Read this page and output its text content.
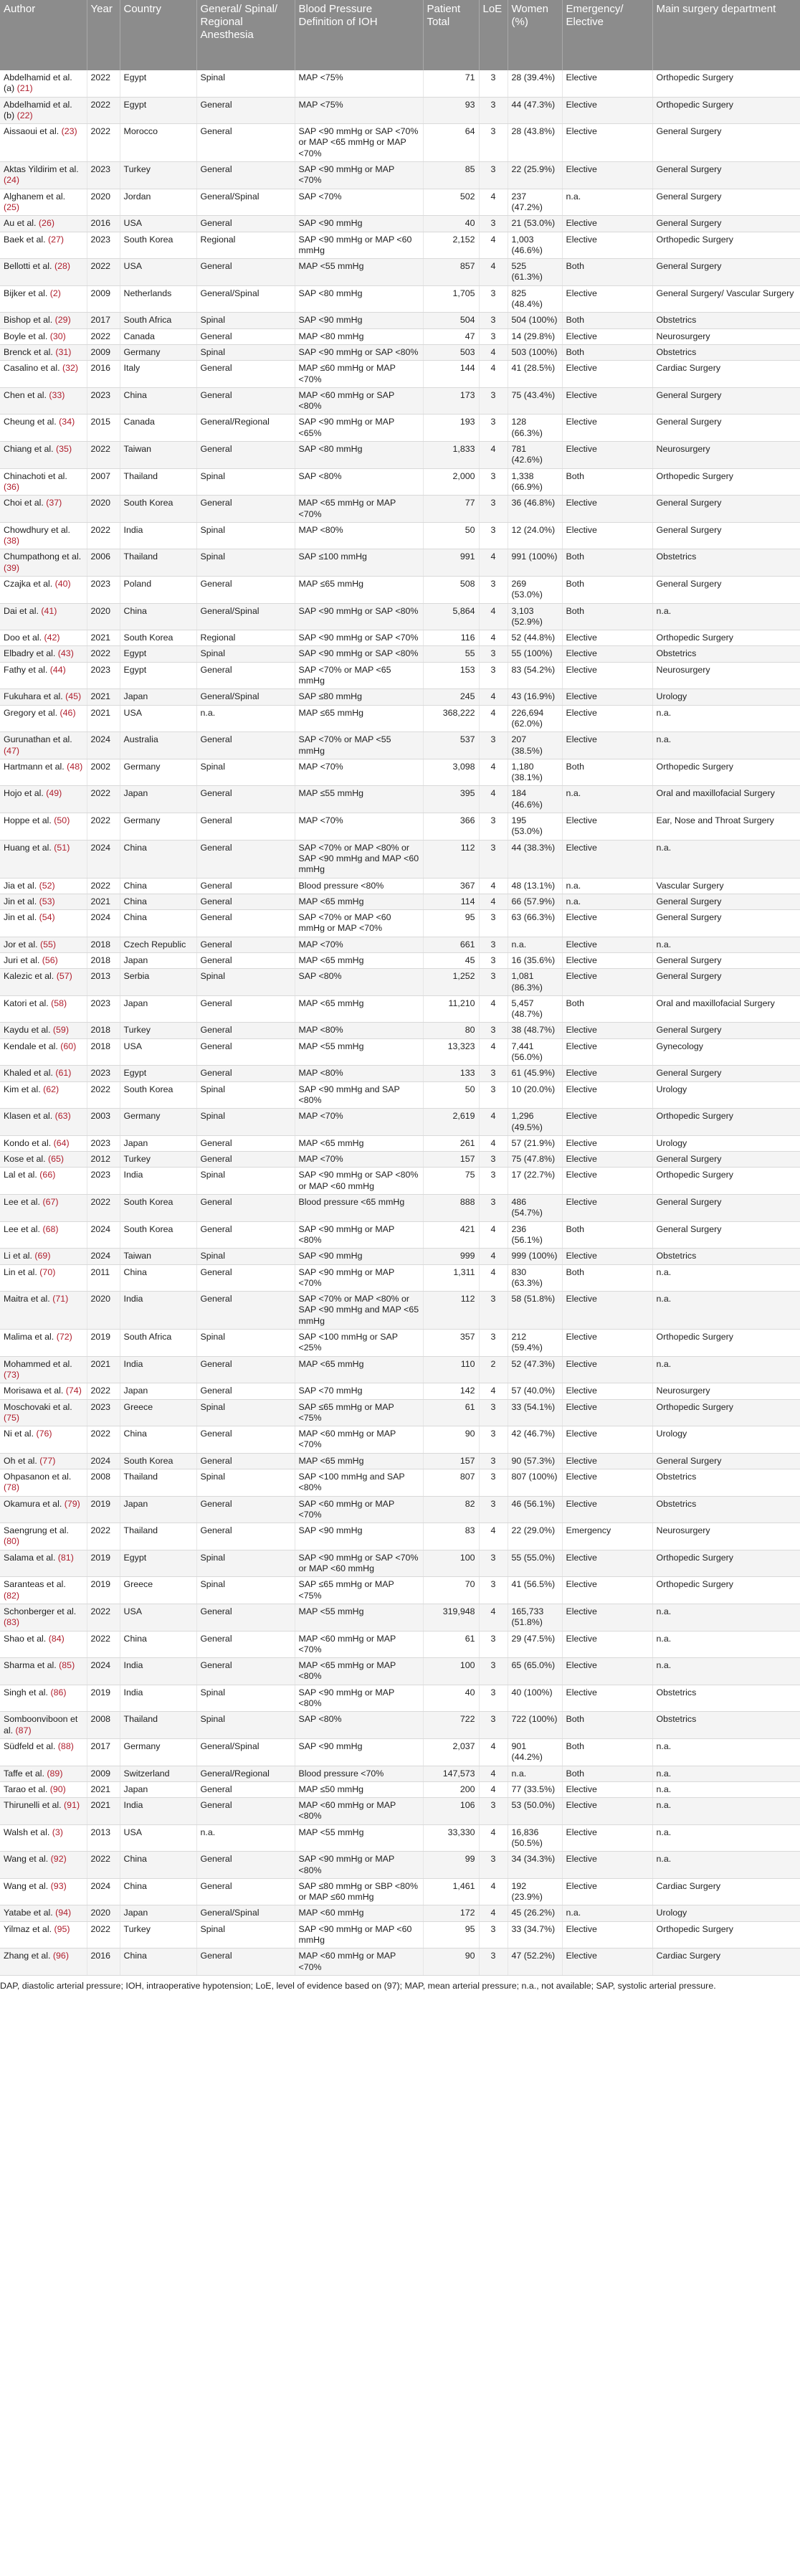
Author	Year	Country	General/ Spinal/ Regional Anesthesia	Blood Pressure Definition of IOH	Patient Total	LoE	Women (%)	Emergency/ Elective	Main surgery department
Abdelhamid et al. (a) (21)	2022	Egypt	Spinal	MAP <75%	71	3	28 (39.4%)	Elective	Orthopedic Surgery
Abdelhamid et al. (b) (22)	2022	Egypt	General	MAP <75%	93	3	44 (47.3%)	Elective	Orthopedic Surgery
Aissaoui et al. (23)	2022	Morocco	General	SAP <90 mmHg or SAP <70% or MAP <65 mmHg or MAP <70%	64	3	28 (43.8%)	Elective	General Surgery
Aktas Yildirim et al. (24)	2023	Turkey	General	SAP <90 mmHg or MAP <70%	85	3	22 (25.9%)	Elective	General Surgery
Alghanem et al. (25)	2020	Jordan	General/Spinal	SAP <70%	502	4	237 (47.2%)	n.a.	General Surgery
Au et al. (26)	2016	USA	General	SAP <90 mmHg	40	3	21 (53.0%)	Elective	General Surgery
Baek et al. (27)	2023	South Korea	Regional	SAP <90 mmHg or MAP <60 mmHg	2,152	4	1,003 (46.6%)	Elective	Orthopedic Surgery
Bellotti et al. (28)	2022	USA	General	MAP <55 mmHg	857	4	525 (61.3%)	Both	General Surgery
Bijker et al. (2)	2009	Netherlands	General/Spinal	SAP <80 mmHg	1,705	3	825 (48.4%)	Elective	General Surgery/ Vascular Surgery
Bishop et al. (29)	2017	South Africa	Spinal	SAP <90 mmHg	504	3	504 (100%)	Both	Obstetrics
Boyle et al. (30)	2022	Canada	General	MAP <80 mmHg	47	3	14 (29.8%)	Elective	Neurosurgery
Brenck et al. (31)	2009	Germany	Spinal	SAP <90 mmHg or SAP <80%	503	4	503 (100%)	Both	Obstetrics
Casalino et al. (32)	2016	Italy	General	MAP ≤60 mmHg or MAP <70%	144	4	41 (28.5%)	Elective	Cardiac Surgery
Chen et al. (33)	2023	China	General	MAP <60 mmHg or SAP <80%	173	3	75 (43.4%)	Elective	General Surgery
Cheung et al. (34)	2015	Canada	General/Regional	SAP <90 mmHg or MAP <65%	193	3	128 (66.3%)	Elective	General Surgery
Chiang et al. (35)	2022	Taiwan	General	SAP <80 mmHg	1,833	4	781 (42.6%)	Elective	Neurosurgery
Chinachoti et al. (36)	2007	Thailand	Spinal	SAP <80%	2,000	3	1,338 (66.9%)	Both	Orthopedic Surgery
Choi et al. (37)	2020	South Korea	General	MAP <65 mmHg or MAP <70%	77	3	36 (46.8%)	Elective	General Surgery
Chowdhury et al. (38)	2022	India	Spinal	MAP <80%	50	3	12 (24.0%)	Elective	General Surgery
Chumpathong et al. (39)	2006	Thailand	Spinal	SAP ≤100 mmHg	991	4	991 (100%)	Both	Obstetrics
Czajka et al. (40)	2023	Poland	General	MAP ≤65 mmHg	508	3	269 (53.0%)	Both	General Surgery
Dai et al. (41)	2020	China	General/Spinal	SAP <90 mmHg or SAP <80%	5,864	4	3,103 (52.9%)	Both	n.a.
Doo et al. (42)	2021	South Korea	Regional	SAP <90 mmHg or SAP <70%	116	4	52 (44.8%)	Elective	Orthopedic Surgery
Elbadry et al. (43)	2022	Egypt	Spinal	SAP <90 mmHg or SAP <80%	55	3	55 (100%)	Elective	Obstetrics
Fathy et al. (44)	2023	Egypt	General	SAP <70% or MAP <65 mmHg	153	3	83 (54.2%)	Elective	Neurosurgery
Fukuhara et al. (45)	2021	Japan	General/Spinal	SAP ≤80 mmHg	245	4	43 (16.9%)	Elective	Urology
Gregory et al. (46)	2021	USA	n.a.	MAP ≤65 mmHg	368,222	4	226,694 (62.0%)	Elective	n.a.
Gurunathan et al. (47)	2024	Australia	General	SAP <70% or MAP <55 mmHg	537	3	207 (38.5%)	Elective	n.a.
Hartmann et al. (48)	2002	Germany	Spinal	MAP <70%	3,098	4	1,180 (38.1%)	Both	Orthopedic Surgery
Hojo et al. (49)	2022	Japan	General	MAP ≤55 mmHg	395	4	184 (46.6%)	n.a.	Oral and maxillofacial Surgery
Hoppe et al. (50)	2022	Germany	General	MAP <70%	366	3	195 (53.0%)	Elective	Ear, Nose and Throat Surgery
Huang et al. (51)	2024	China	General	SAP <70% or MAP <80% or SAP <90 mmHg and MAP <60 mmHg	112	3	44 (38.3%)	Elective	n.a.
Jia et al. (52)	2022	China	General	Blood pressure <80%	367	4	48 (13.1%)	n.a.	Vascular Surgery
Jin et al. (53)	2021	China	General	MAP <65 mmHg	114	4	66 (57.9%)	n.a.	General Surgery
Jin et al. (54)	2024	China	General	SAP <70% or MAP <60 mmHg or MAP <70%	95	3	63 (66.3%)	Elective	General Surgery
Jor et al. (55)	2018	Czech Republic	General	MAP <70%	661	3	n.a.	Elective	n.a.
Juri et al. (56)	2018	Japan	General	MAP <65 mmHg	45	3	16 (35.6%)	Elective	General Surgery
Kalezic et al. (57)	2013	Serbia	Spinal	SAP <80%	1,252	3	1,081 (86.3%)	Elective	General Surgery
Katori et al. (58)	2023	Japan	General	MAP <65 mmHg	11,210	4	5,457 (48.7%)	Both	Oral and maxillofacial Surgery
Kaydu et al. (59)	2018	Turkey	General	MAP <80%	80	3	38 (48.7%)	Elective	General Surgery
Kendale et al. (60)	2018	USA	General	MAP <55 mmHg	13,323	4	7,441 (56.0%)	Elective	Gynecology
Khaled et al. (61)	2023	Egypt	General	MAP <80%	133	3	61 (45.9%)	Elective	General Surgery
Kim et al. (62)	2022	South Korea	Spinal	SAP <90 mmHg and SAP <80%	50	3	10 (20.0%)	Elective	Urology
Klasen et al. (63)	2003	Germany	Spinal	MAP <70%	2,619	4	1,296 (49.5%)	Elective	Orthopedic Surgery
Kondo et al. (64)	2023	Japan	General	MAP <65 mmHg	261	4	57 (21.9%)	Elective	Urology
Kose et al. (65)	2012	Turkey	General	MAP <70%	157	3	75 (47.8%)	Elective	General Surgery
Lal et al. (66)	2023	India	Spinal	SAP <90 mmHg or SAP <80% or MAP <60 mmHg	75	3	17 (22.7%)	Elective	Orthopedic Surgery
Lee et al. (67)	2022	South Korea	General	Blood pressure <65 mmHg	888	3	486 (54.7%)	Elective	General Surgery
Lee et al. (68)	2024	South Korea	General	SAP <90 mmHg or MAP <80%	421	4	236 (56.1%)	Both	General Surgery
Li et al. (69)	2024	Taiwan	Spinal	SAP <90 mmHg	999	4	999 (100%)	Elective	Obstetrics
Lin et al. (70)	2011	China	General	SAP <90 mmHg or MAP <70%	1,311	4	830 (63.3%)	Both	n.a.
Maitra et al. (71)	2020	India	General	SAP <70% or MAP <80% or SAP <90 mmHg and MAP <65 mmHg	112	3	58 (51.8%)	Elective	n.a.
Malima et al. (72)	2019	South Africa	Spinal	SAP <100 mmHg or SAP <25%	357	3	212 (59.4%)	Elective	Orthopedic Surgery
Mohammed et al. (73)	2021	India	General	MAP <65 mmHg	110	2	52 (47.3%)	Elective	n.a.
Morisawa et al. (74)	2022	Japan	General	SAP <70 mmHg	142	4	57 (40.0%)	Elective	Neurosurgery
Moschovaki et al. (75)	2023	Greece	Spinal	SAP ≤65 mmHg or MAP <75%	61	3	33 (54.1%)	Elective	Orthopedic Surgery
Ni et al. (76)	2022	China	General	MAP <60 mmHg or MAP <70%	90	3	42 (46.7%)	Elective	Urology
Oh et al. (77)	2024	South Korea	General	MAP <65 mmHg	157	3	90 (57.3%)	Elective	General Surgery
Ohpasanon et al. (78)	2008	Thailand	Spinal	SAP <100 mmHg and SAP <80%	807	3	807 (100%)	Elective	Obstetrics
Okamura et al. (79)	2019	Japan	General	SAP <60 mmHg or MAP <70%	82	3	46 (56.1%)	Elective	Obstetrics
Saengrung et al. (80)	2022	Thailand	General	SAP <90 mmHg	83	4	22 (29.0%)	Emergency	Neurosurgery
Salama et al. (81)	2019	Egypt	Spinal	SAP <90 mmHg or SAP <70% or MAP <60 mmHg	100	3	55 (55.0%)	Elective	Orthopedic Surgery
Saranteas et al. (82)	2019	Greece	Spinal	SAP ≤65 mmHg or MAP <75%	70	3	41 (56.5%)	Elective	Orthopedic Surgery
Schonberger et al. (83)	2022	USA	General	MAP <55 mmHg	319,948	4	165,733 (51.8%)	Elective	n.a.
Shao et al. (84)	2022	China	General	MAP <60 mmHg or MAP <70%	61	3	29 (47.5%)	Elective	n.a.
Sharma et al. (85)	2024	India	General	MAP <65 mmHg or MAP <80%	100	3	65 (65.0%)	Elective	n.a.
Singh et al. (86)	2019	India	Spinal	SAP <90 mmHg or MAP <80%	40	3	40 (100%)	Elective	Obstetrics
Somboonviboon et al. (87)	2008	Thailand	Spinal	SAP <80%	722	3	722 (100%)	Both	Obstetrics
Südfeld et al. (88)	2017	Germany	General/Spinal	SAP <90 mmHg	2,037	4	901 (44.2%)	Both	n.a.
Taffe et al. (89)	2009	Switzerland	General/Regional	Blood pressure <70%	147,573	4	n.a.	Both	n.a.
Tarao et al. (90)	2021	Japan	General	MAP ≤50 mmHg	200	4	77 (33.5%)	Elective	n.a.
Thirunelli et al. (91)	2021	India	General	MAP <60 mmHg or MAP <80%	106	3	53 (50.0%)	Elective	n.a.
Walsh et al. (3)	2013	USA	n.a.	MAP <55 mmHg	33,330	4	16,836 (50.5%)	Elective	n.a.
Wang et al. (92)	2022	China	General	SAP <90 mmHg or MAP <80%	99	3	34 (34.3%)	Elective	n.a.
Wang et al. (93)	2024	China	General	SAP ≤80 mmHg or SBP <80% or MAP ≤60 mmHg	1,461	4	192 (23.9%)	Elective	Cardiac Surgery
Yatabe et al. (94)	2020	Japan	General/Spinal	MAP <60 mmHg	172	4	45 (26.2%)	n.a.	Urology
Yilmaz et al. (95)	2022	Turkey	Spinal	SAP <90 mmHg or MAP <60 mmHg	95	3	33 (34.7%)	Elective	Orthopedic Surgery
Zhang et al. (96)	2016	China	General	MAP <60 mmHg or MAP <70%	90	3	47 (52.2%)	Elective	Cardiac Surgery
DAP, diastolic arterial pressure; IOH, intraoperative hypotension; LoE, level of evidence based on (97); MAP, mean arterial pressure; n.a., not available; SAP, systolic arterial pressure.
